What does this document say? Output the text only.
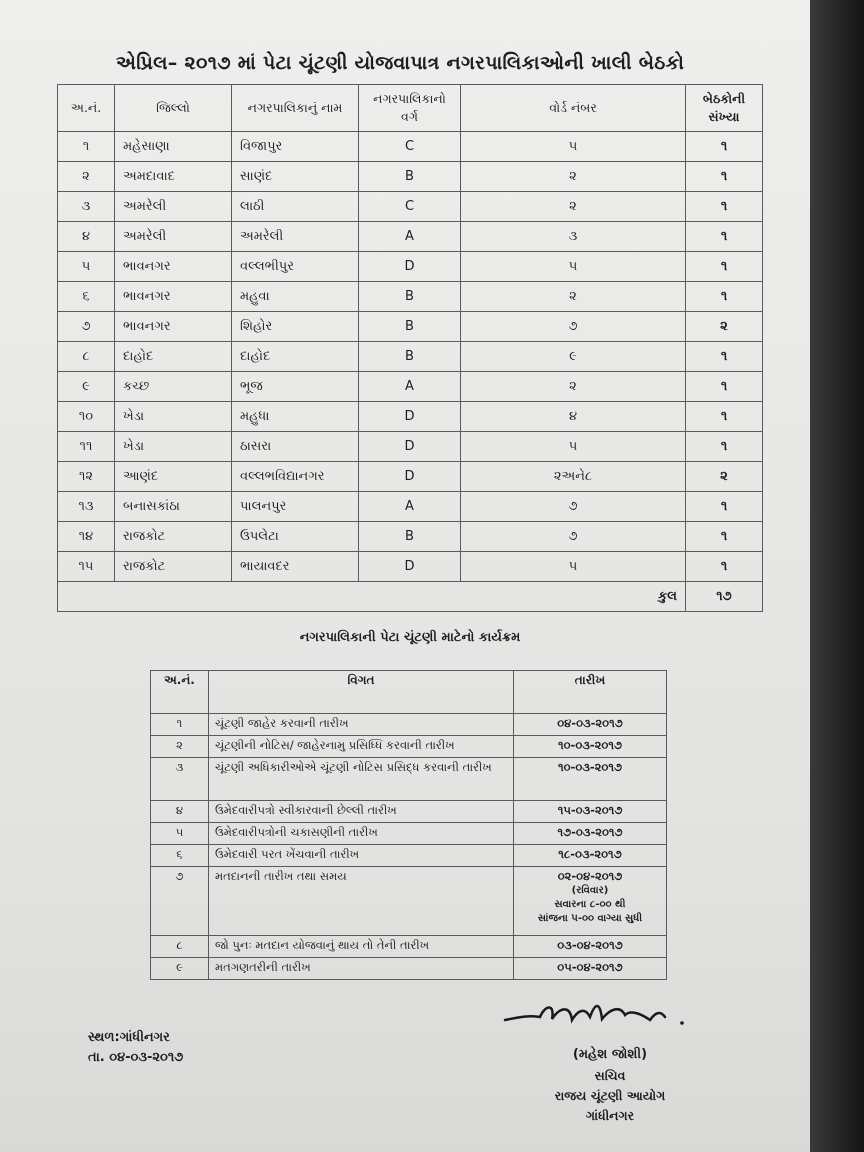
એપ્રિલ– ૨૦૧૭ માં પેટા ચૂંટણી યોજવાપાત્ર નગરપાલિકાઓની ખાલી બેઠકો
અ.નં.	જિલ્લો	નગરપાલિકાનું નામ	નગરપાલિકાનો વર્ગ	વોર્ડ નંબર	બેઠકોની સંખ્યા
૧	મહેસાણા	વિજાપુર	C	૫	૧
૨	અમદાવાદ	સાણંદ	B	૨	૧
૩	અમરેલી	લાઠી	C	૨	૧
૪	અમરેલી	અમરેલી	A	૩	૧
૫	ભાવનગર	વલ્લભીપુર	D	૫	૧
૬	ભાવનગર	મહુવા	B	૨	૧
૭	ભાવનગર	શિહોર	B	૭	૨
૮	દાહોદ	દાહોદ	B	૯	૧
૯	કચ્છ	ભૂજ	A	૨	૧
૧૦	ખેડા	મહુધા	D	૪	૧
૧૧	ખેડા	ઠાસરા	D	૫	૧
૧૨	આણંદ	વલ્લભવિદ્યાનગર	D	૨અને૮	૨
૧૩	બનાસકાંઠા	પાલનપુર	A	૭	૧
૧૪	રાજકોટ	ઉપલેટા	B	૭	૧
૧૫	રાજકોટ	ભાયાવદર	D	૫	૧
કુલ					૧૭
નગરપાલિકાની પેટા ચૂંટણી માટેનો કાર્યક્રમ
અ.નં.	વિગત	તારીખ
૧	ચૂંટણી જાહેર કરવાની તારીખ	૦૪-૦૩-૨૦૧૭
૨	ચૂંટણીની નોટિસ/ જાહેરનામુ પ્રસિધ્ધિ કરવાની તારીખ	૧૦-૦૩-૨૦૧૭
૩	ચૂંટણી અધિકારીઓએ ચૂંટણી નોટિસ પ્રસિદ્ધ કરવાની તારીખ	૧૦-૦૩-૨૦૧૭
૪	ઉમેદવારીપત્રો સ્વીકારવાની છેલ્લી તારીખ	૧૫-૦૩-૨૦૧૭
૫	ઉમેદવારીપત્રોની ચકાસણીની તારીખ	૧૭-૦૩-૨૦૧૭
૬	ઉમેદવારી પરત ખેંચવાની તારીખ	૧૮-૦૩-૨૦૧૭
૭	મતદાનની તારીખ તથા સમય	૦૨-૦૪-૨૦૧૭
(રવિવાર)
સવારના ૮-૦૦ થી
સાંજના ૫-૦૦ વાગ્યા સુધી

૮	જો પુનઃ મતદાન યોજવાનું થાય તો તેની તારીખ	૦૩-૦૪-૨૦૧૭
૯	મતગણતરીની તારીખ	૦૫-૦૪-૨૦૧૭
સ્થળ:ગાંધીનગર
તા. ૦૪-૦૩-૨૦૧૭	(મહેશ જોશી)
સચિવ
રાજય ચૂંટણી આયોગ
ગાંધીનગર
